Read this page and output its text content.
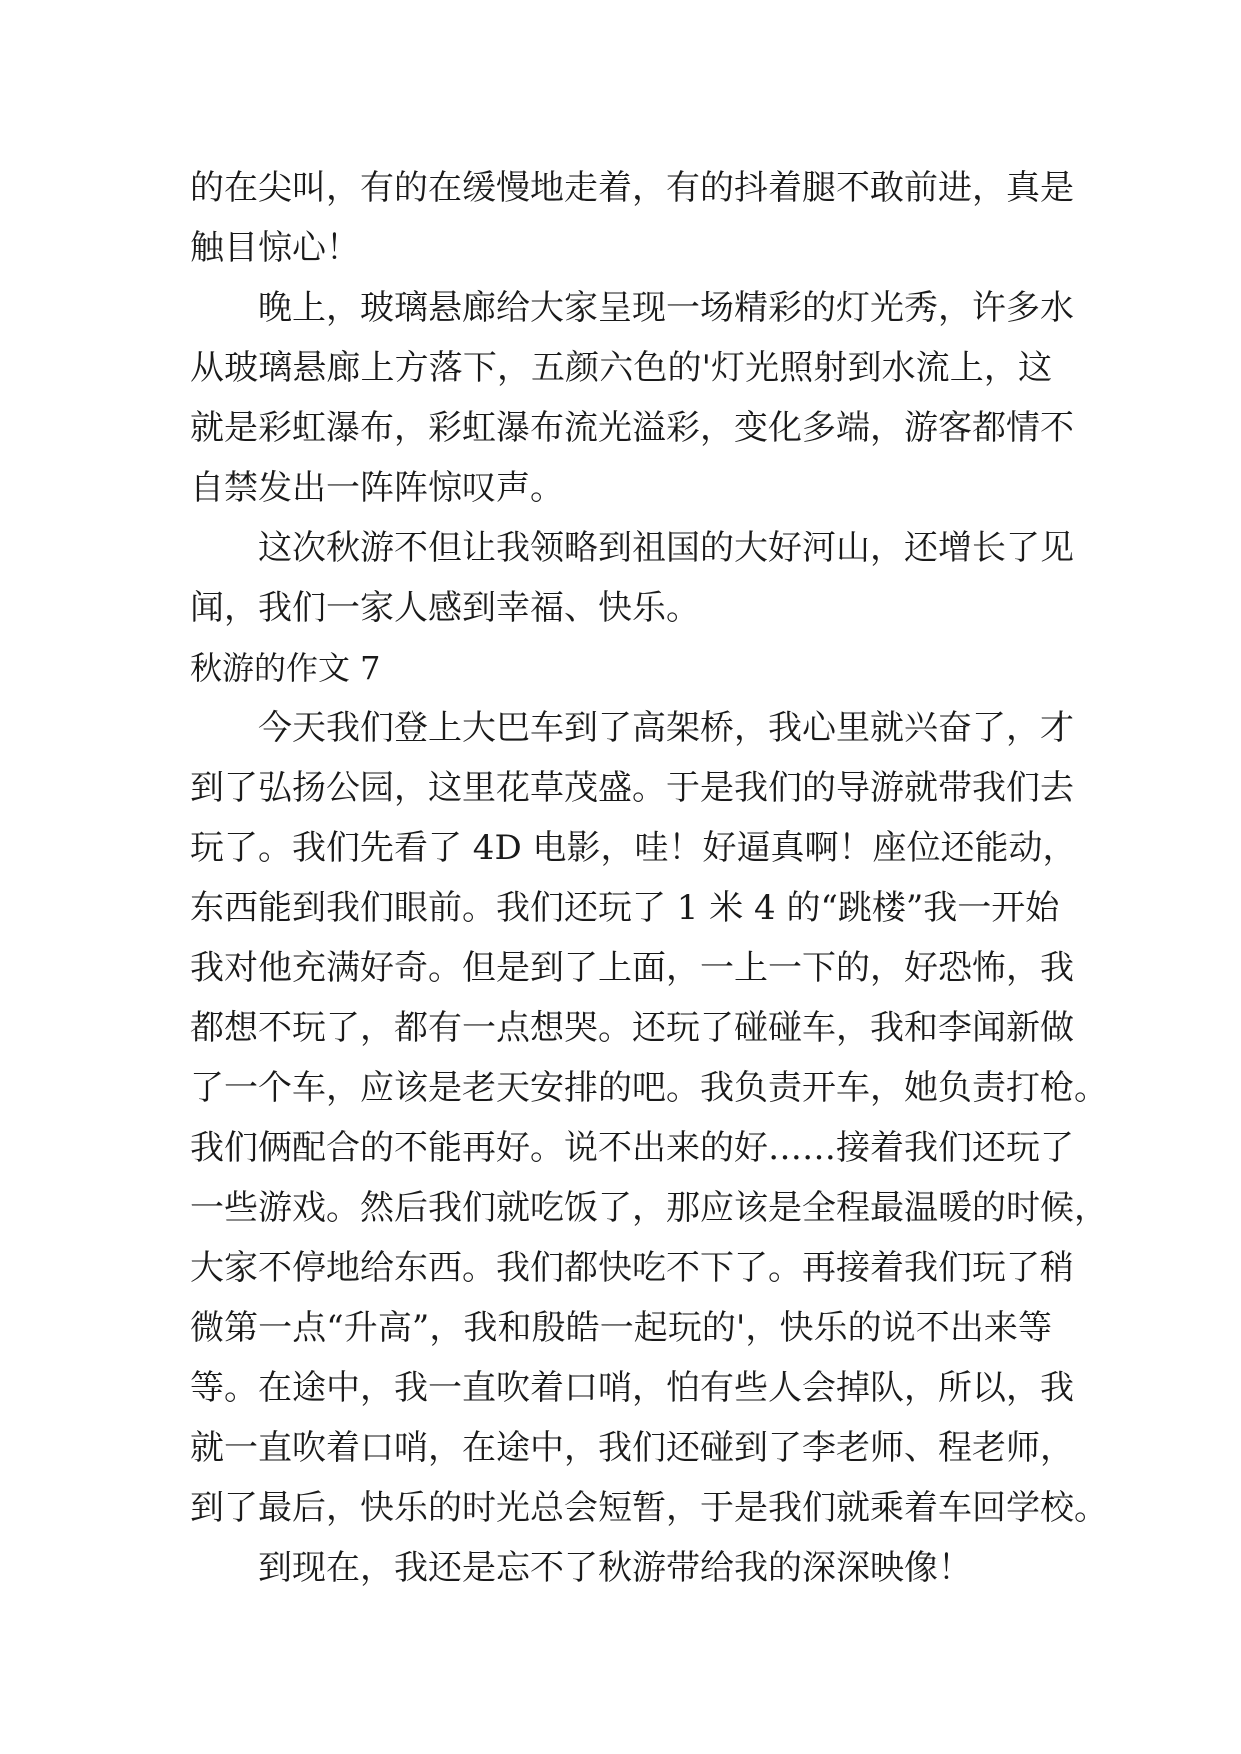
的在尖叫，有的在缓慢地走着，有的抖着腿不敢前进，真是
触目惊心！
晚上，玻璃悬廊给大家呈现一场精彩的灯光秀，许多水
从玻璃悬廊上方落下，五颜六色的'灯光照射到水流上，这
就是彩虹瀑布，彩虹瀑布流光溢彩，变化多端，游客都情不
自禁发出一阵阵惊叹声。
这次秋游不但让我领略到祖国的大好河山，还增长了见
闻，我们一家人感到幸福、快乐。
秋游的作文 7
今天我们登上大巴车到了高架桥，我心里就兴奋了，才
到了弘扬公园，这里花草茂盛。于是我们的导游就带我们去
玩了。我们先看了 4D 电影，哇！好逼真啊！座位还能动，
东西能到我们眼前。我们还玩了 1 米 4 的“跳楼”我一开始
我对他充满好奇。但是到了上面，一上一下的，好恐怖，我
都想不玩了，都有一点想哭。还玩了碰碰车，我和李闻新做
了一个车，应该是老天安排的吧。我负责开车，她负责打枪。
我们俩配合的不能再好。说不出来的好……接着我们还玩了
一些游戏。然后我们就吃饭了，那应该是全程最温暖的时候，
大家不停地给东西。我们都快吃不下了。再接着我们玩了稍
微第一点“升高”，我和殷皓一起玩的'，快乐的说不出来等
等。在途中，我一直吹着口哨，怕有些人会掉队，所以，我
就一直吹着口哨，在途中，我们还碰到了李老师、程老师，
到了最后，快乐的时光总会短暂，于是我们就乘着车回学校。
到现在，我还是忘不了秋游带给我的深深映像！
